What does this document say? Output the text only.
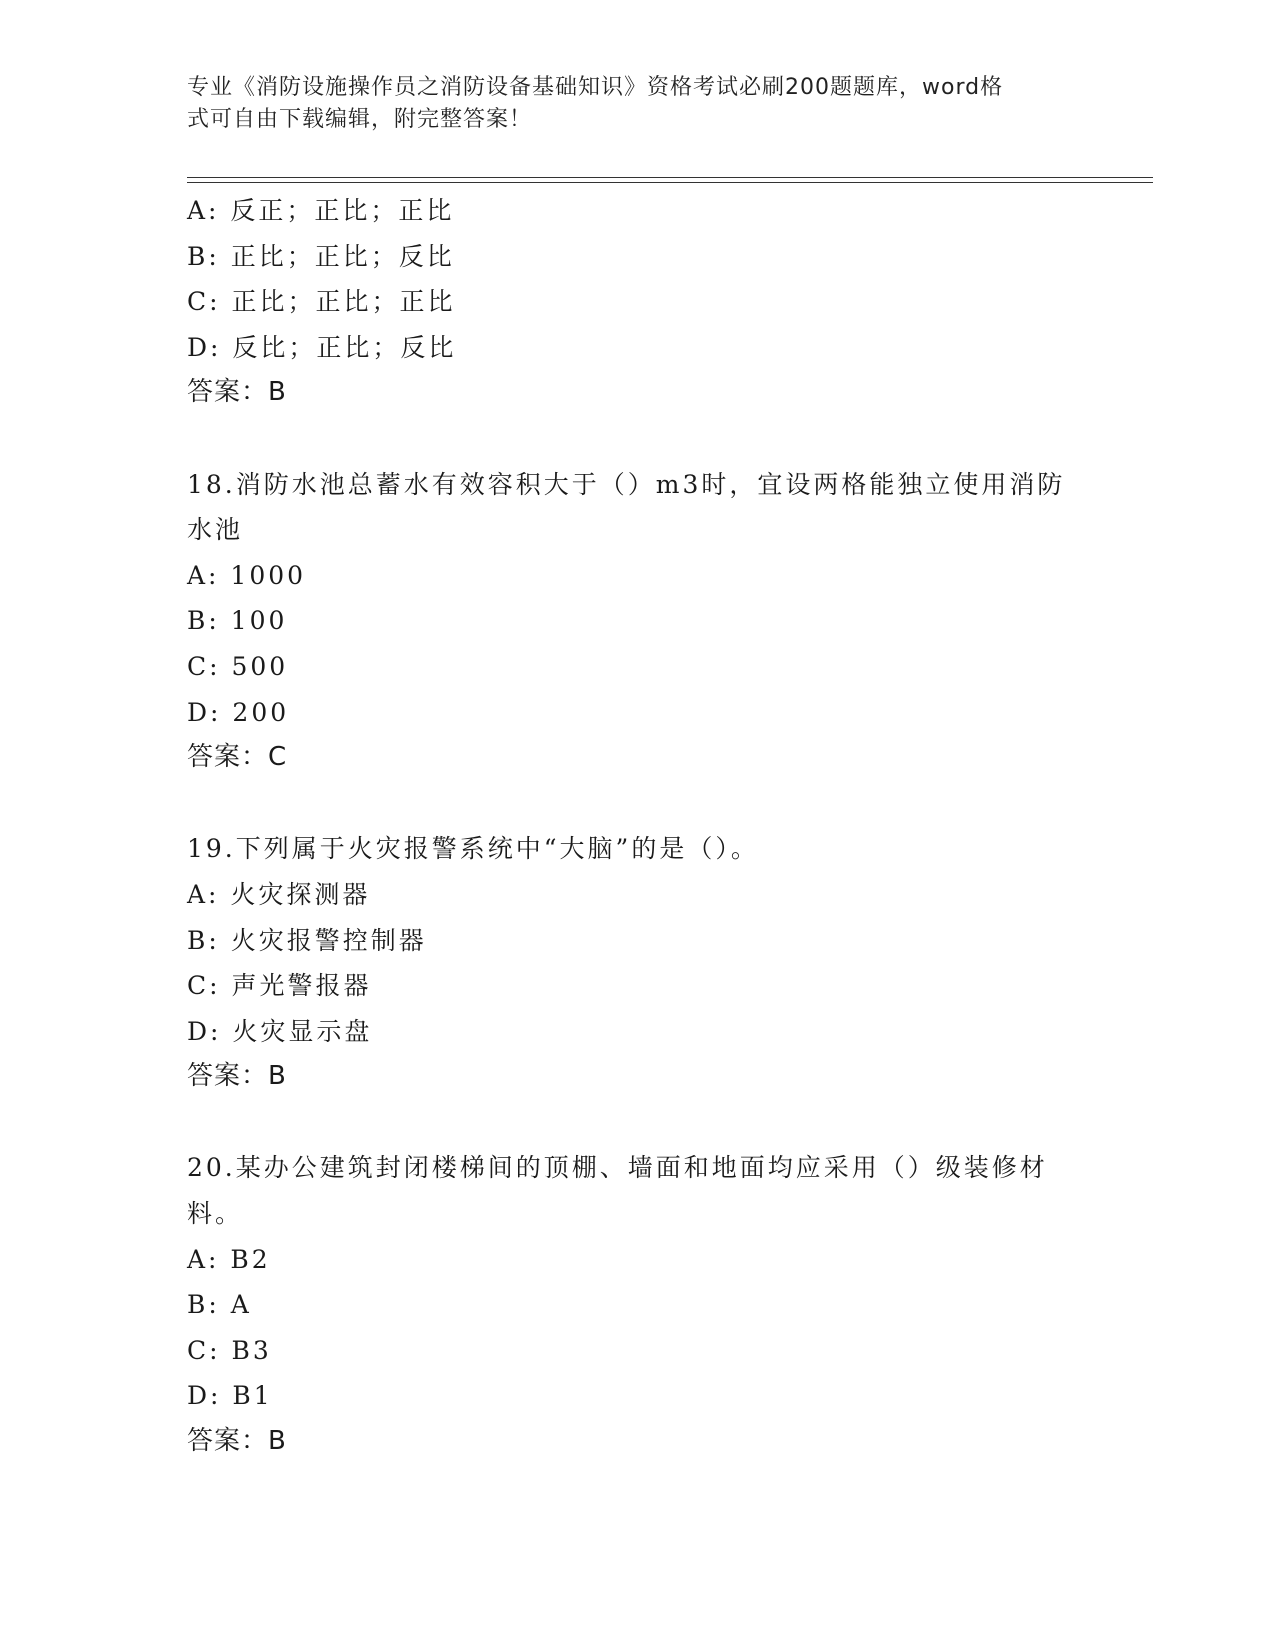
专业《消防设施操作员之消防设备基础知识》资格考试必刷200题题库，word格
式可自由下载编辑，附完整答案！
A: 反正；正比；正比
B: 正比；正比；反比
C: 正比；正比；正比
D: 反比；正比；反比
答案：B
18.消防水池总蓄水有效容积大于（）m3时，宜设两格能独立使用消防
水池
A: 1000
B: 100
C: 500
D: 200
答案：C
19.下列属于火灾报警系统中“大脑”的是（）。
A: 火灾探测器
B: 火灾报警控制器
C: 声光警报器
D: 火灾显示盘
答案：B
20.某办公建筑封闭楼梯间的顶棚、墙面和地面均应采用（）级装修材
料。
A: B2
B: A
C: B3
D: B1
答案：B
